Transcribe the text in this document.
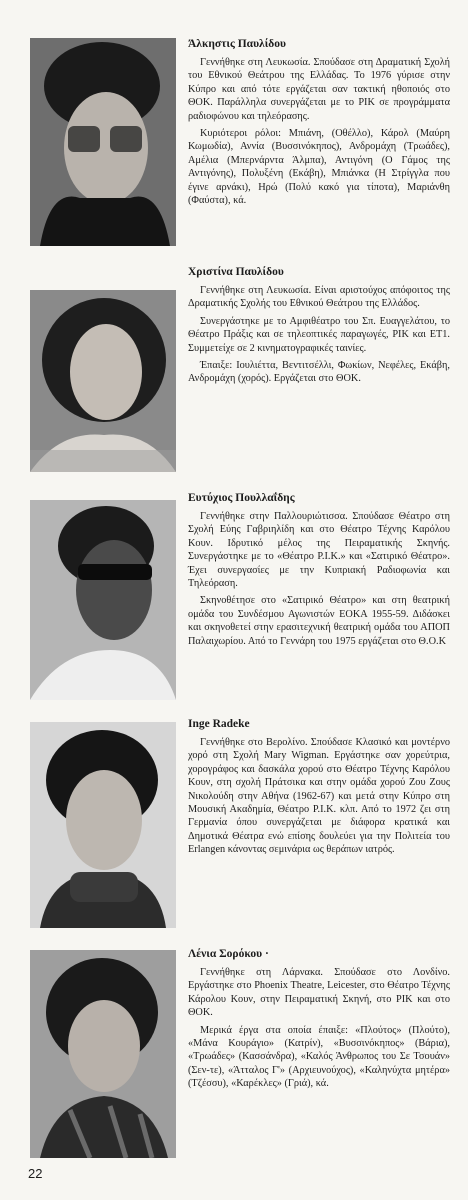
Άλκηστις Παυλίδου

Γεννήθηκε στη Λευκωσία. Σπούδασε στη Δραματική Σχολή του Εθνικού Θεάτρου της Ελλάδας. Το 1976 γύρισε στην Κύπρο και από τότε εργάζεται σαν τακτική ηθοποιός στο ΘΟΚ. Παράλληλα συνεργάζεται με το ΡΙΚ σε προγράμματα ραδιοφώνου και τηλεόρασης.

Κυριότεροι ρόλοι: Μπιάνη, (Οθέλλο), Κάρολ (Μαύρη Κωμωδία), Αννία (Βυσσινόκηπος), Ανδρομάχη (Τρωάδες), Αμέλια (Μπερνάρντα Άλμπα), Αντιγόνη (Ο Γάμος της Αντιγόνης), Πολυξένη (Εκάβη), Μπιάνκα (Η Στρίγγλα που έγινε αρνάκι), Ηρώ (Πολύ κακό για τίποτα), Μαριάνθη (Φαύστα), κά.

Χριστίνα Παυλίδου

Γεννήθηκε στη Λευκωσία. Είναι αριστούχος απόφοιτος της Δραματικής Σχολής του Εθνικού Θεάτρου της Ελλάδος.

Συνεργάστηκε με το Αμφιθέατρο του Σπ. Ευαγγελάτου, το Θέατρο Πράξις και σε τηλεοπτικές παραγωγές, ΡΙΚ και ΕΤ1. Συμμετείχε σε 2 κινηματογραφικές ταινίες.

Έπαιξε: Ιουλιέττα, Βεντιτσέλλι, Φωκίων, Νεφέλες, Εκάβη, Ανδρομάχη (χορός). Εργάζεται στο ΘΟΚ.

Ευτύχιος Πουλλαΐδης

Γεννήθηκε στην Παλλουριώτισσα. Σπούδασε Θέατρο στη Σχολή Εύης Γαβριηλίδη και στο Θέατρο Τέχνης Καρόλου Κουν. Ιδρυτικό μέλος της Πειραματικής Σκηνής. Συνεργάστηκε με το «Θέατρο Ρ.Ι.Κ.» και «Σατιρικό Θέατρο». Έχει συνεργασίες με την Κυπριακή Ραδιοφωνία και Τηλεόραση.

Σκηνοθέτησε στο «Σατιρικό Θέατρο» και στη θεατρική ομάδα του Συνδέσμου Αγωνιστών ΕΟΚΑ 1955-59. Διδάσκει και σκηνοθετεί στην ερασιτεχνική θεατρική ομάδα του ΑΠΟΠ Παλαιχωρίου. Από το Γεννάρη του 1975 εργάζεται στο Θ.Ο.Κ

Inge Radeke

Γεννήθηκε στο Βερολίνο. Σπούδασε Κλασικό και μοντέρνο χορό στη Σχολή Mary Wigman. Εργάστηκε σαν χορεύτρια, χορογράφος και δασκάλα χορού στο Θέατρο Τέχνης Καρόλου Κουν, στη σχολή Πράτσικα και στην ομάδα χορού Ζου Ζους Νικολούδη στην Αθήνα (1962-67) και μετά στην Κύπρο στη Μουσική Ακαδημία, Θέατρο Ρ.Ι.Κ. κλπ. Από το 1972 ζει στη Γερμανία όπου συνεργάζεται με διάφορα κρατικά και Δημοτικά Θέατρα ενώ επίσης δουλεύει για την Πολιτεία του Erlangen κάνοντας σεμινάρια ως θεράπων ιατρός.

Λένια Σορόκου ·

Γεννήθηκε στη Λάρνακα. Σπούδασε στο Λονδίνο. Εργάστηκε στο Phoenix Theatre, Leicester, στο Θέατρο Τέχνης Κάρολου Κουν, στην Πειραματική Σκηνή, στο ΡΙΚ και στο ΘΟΚ.

Μερικά έργα στα οποία έπαιξε: «Πλούτος» (Πλούτο), «Μάνα Κουράγιο» (Κατρίν), «Βυσσινόκηπος» (Βάρια), «Τρωάδες» (Κασσάνδρα), «Καλός Άνθρωπος του Σε Τσουάν» (Σεν-τε), «Άτταλος Γ'» (Αρχιευνούχος), «Καληνύχτα μητέρα» (Τζέσσυ), «Καρέκλες» (Γριά), κά.

22
